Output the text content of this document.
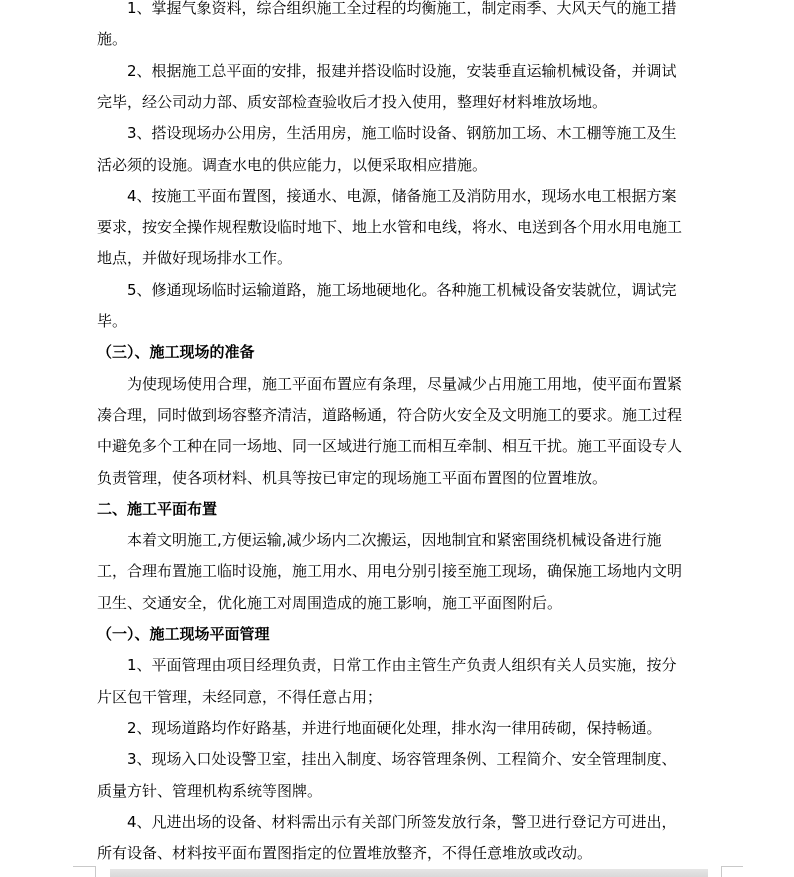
1、掌握气象资料，综合组织施工全过程的均衡施工，制定雨季、大风天气的施工措
施。
2、根据施工总平面的安排，报建并搭设临时设施，安装垂直运输机械设备，并调试
完毕，经公司动力部、质安部检查验收后才投入使用，整理好材料堆放场地。
3、搭设现场办公用房，生活用房，施工临时设备、钢筋加工场、木工棚等施工及生
活必须的设施。调查水电的供应能力，以便采取相应措施。
4、按施工平面布置图，接通水、电源，储备施工及消防用水，现场水电工根据方案
要求，按安全操作规程敷设临时地下、地上水管和电线，将水、电送到各个用水用电施工
地点，并做好现场排水工作。
5、修通现场临时运输道路，施工场地硬地化。各种施工机械设备安装就位，调试完
毕。
（三）、施工现场的准备
为使现场使用合理，施工平面布置应有条理，尽量减少占用施工用地，使平面布置紧
凑合理，同时做到场容整齐清洁，道路畅通，符合防火安全及文明施工的要求。施工过程
中避免多个工种在同一场地、同一区域进行施工而相互牵制、相互干扰。施工平面设专人
负责管理，使各项材料、机具等按已审定的现场施工平面布置图的位置堆放。
二、施工平面布置
本着文明施工,方便运输,减少场内二次搬运，因地制宜和紧密围绕机械设备进行施
工，合理布置施工临时设施，施工用水、用电分别引接至施工现场，确保施工场地内文明
卫生、交通安全，优化施工对周围造成的施工影响，施工平面图附后。
（一）、施工现场平面管理
1、平面管理由项目经理负责，日常工作由主管生产负责人组织有关人员实施，按分
片区包干管理，未经同意，不得任意占用；
2、现场道路均作好路基，并进行地面硬化处理，排水沟一律用砖砌，保持畅通。
3、现场入口处设警卫室，挂出入制度、场容管理条例、工程简介、安全管理制度、
质量方针、管理机构系统等图牌。
4、凡进出场的设备、材料需出示有关部门所签发放行条，警卫进行登记方可进出，
所有设备、材料按平面布置图指定的位置堆放整齐，不得任意堆放或改动。
